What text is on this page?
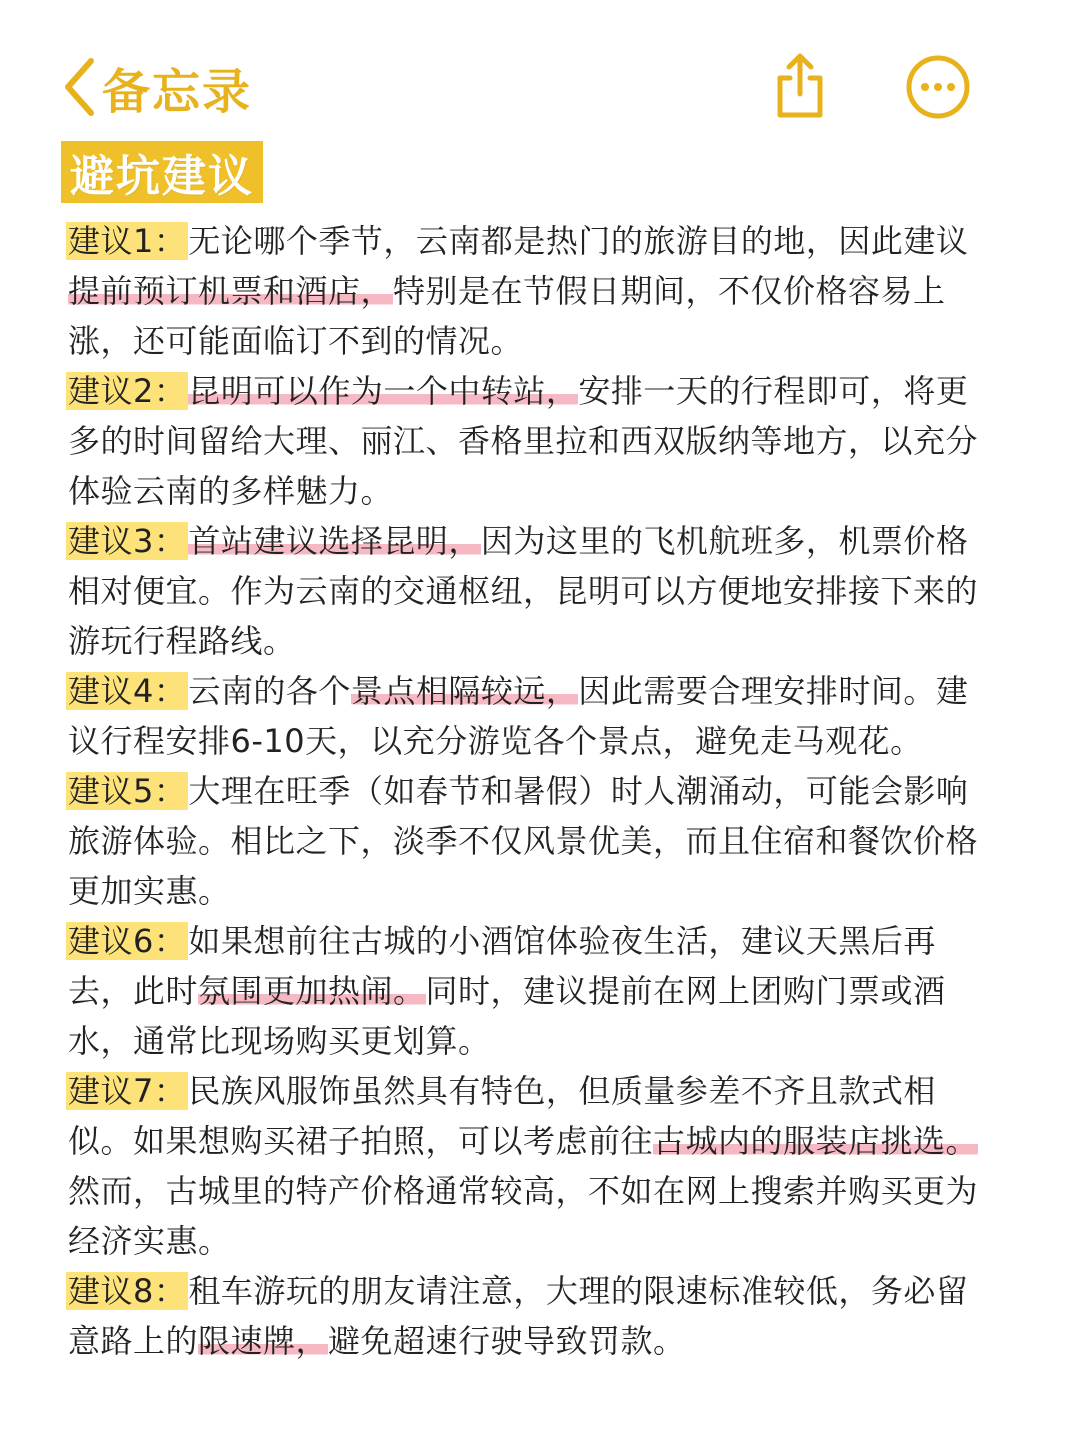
备忘录
避坑建议

建议1：无论哪个季节，云南都是热门的旅游目的地，因此建议提前预订机票和酒店，特别是在节假日期间，不仅价格容易上涨，还可能面临订不到的情况。

建议2：昆明可以作为一个中转站，安排一天的行程即可，将更多的时间留给大理、丽江、香格里拉和西双版纳等地方，以充分体验云南的多样魅力。

建议3：首站建议选择昆明，因为这里的飞机航班多，机票价格相对便宜。作为云南的交通枢纽，昆明可以方便地安排接下来的游玩行程路线。

建议4：云南的各个景点相隔较远，因此需要合理安排时间。建议行程安排6-10天，以充分游览各个景点，避免走马观花。

建议5：大理在旺季（如春节和暑假）时人潮涌动，可能会影响旅游体验。相比之下，淡季不仅风景优美，而且住宿和餐饮价格更加实惠。

建议6：如果想前往古城的小酒馆体验夜生活，建议天黑后再去，此时氛围更加热闹。同时，建议提前在网上团购门票或酒水，通常比现场购买更划算。

建议7：民族风服饰虽然具有特色，但质量参差不齐且款式相似。如果想购买裙子拍照，可以考虑前往古城内的服装店挑选。然而，古城里的特产价格通常较高，不如在网上搜索并购买更为经济实惠。

建议8：租车游玩的朋友请注意，大理的限速标准较低，务必留意路上的限速牌，避免超速行驶导致罚款。
